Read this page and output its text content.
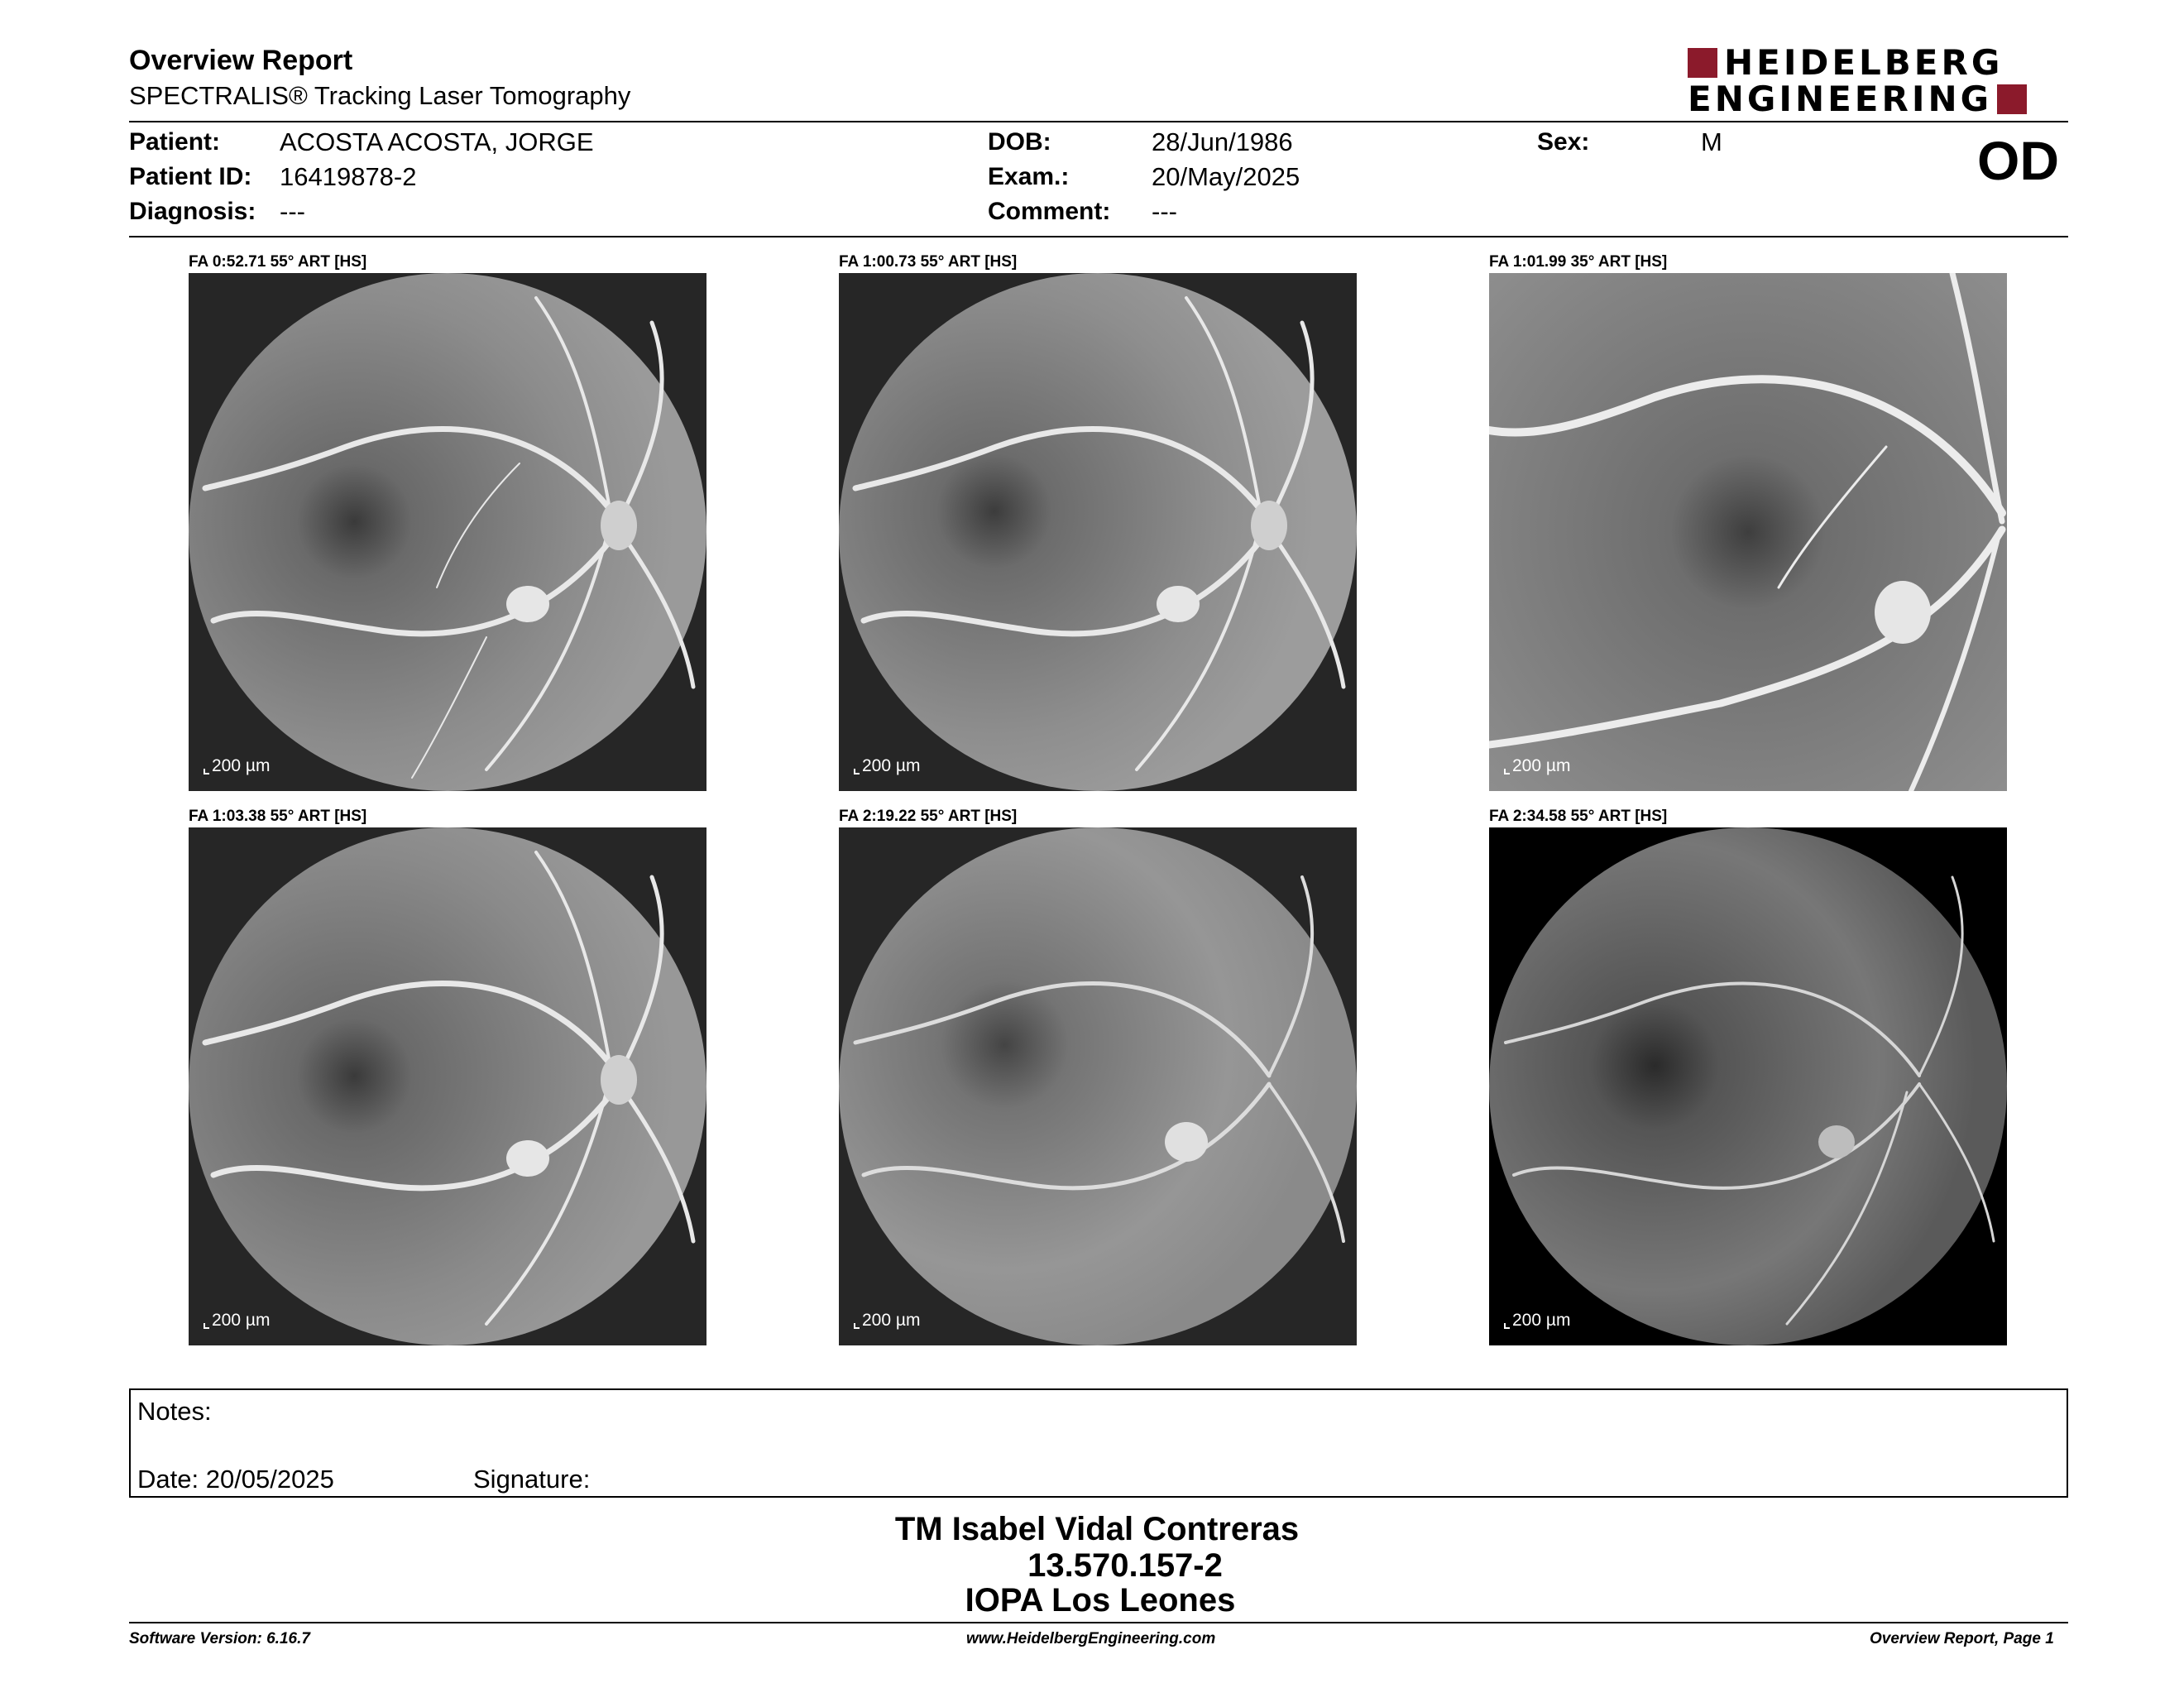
Overview Report
SPECTRALIS® Tracking Laser Tomography
HEIDELBERG
ENGINEERING
Patient: ACOSTA ACOSTA, JORGE
Patient ID: 16419878-2
Diagnosis: ---
DOB:	28/Jun/1986
Exam.:	20/May/2025
Comment: ---
Sex:	M	OD
FA 0:52.71 55° ART [HS]
200 µm
FA 1:00.73 55° ART [HS]
200 µm
FA 1:01.99 35° ART [HS]
200 µm
FA 1:03.38 55° ART [HS]
200 µm
FA 2:19.22 55° ART [HS]
200 µm
FA 2:34.58 55° ART [HS]
200 µm
Notes:
Date: 20/05/2025	Signature:
TM Isabel Vidal Contreras
13.570.157-2
IOPA Los Leones
Software Version: 6.16.7	www.HeidelbergEngineering.com	Overview Report, Page 1
